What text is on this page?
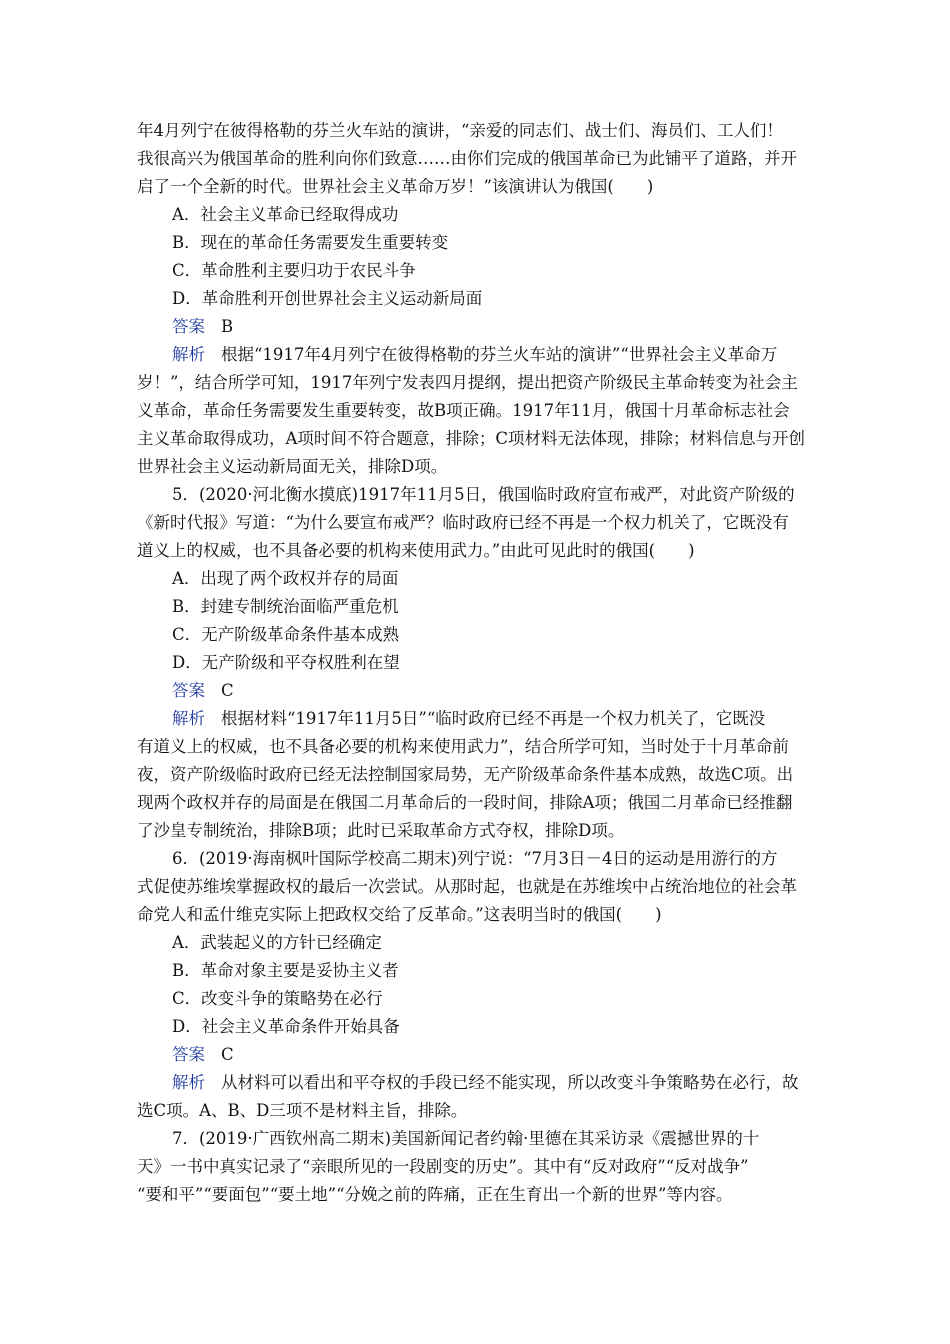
年4月列宁在彼得格勒的芬兰火车站的演讲，“亲爱的同志们、战士们、海员们、工人们！
我很高兴为俄国革命的胜利向你们致意……由你们完成的俄国革命已为此铺平了道路，并开
启了一个全新的时代。世界社会主义革命万岁！”该演讲认为俄国(　　)
A．社会主义革命已经取得成功
B．现在的革命任务需要发生重要转变
C．革命胜利主要归功于农民斗争
D．革命胜利开创世界社会主义运动新局面
答案 B
解析 根据“1917年4月列宁在彼得格勒的芬兰火车站的演讲”“世界社会主义革命万
岁！”，结合所学可知，1917年列宁发表四月提纲，提出把资产阶级民主革命转变为社会主
义革命，革命任务需要发生重要转变，故B项正确。1917年11月，俄国十月革命标志社会
主义革命取得成功，A项时间不符合题意，排除；C项材料无法体现，排除；材料信息与开创
世界社会主义运动新局面无关，排除D项。
5．(2020·河北衡水摸底)1917年11月5日，俄国临时政府宣布戒严，对此资产阶级的
《新时代报》写道：“为什么要宣布戒严？临时政府已经不再是一个权力机关了，它既没有
道义上的权威，也不具备必要的机构来使用武力。”由此可见此时的俄国(　　)
A．出现了两个政权并存的局面
B．封建专制统治面临严重危机
C．无产阶级革命条件基本成熟
D．无产阶级和平夺权胜利在望
答案 C
解析 根据材料“1917年11月5日”“临时政府已经不再是一个权力机关了，它既没
有道义上的权威，也不具备必要的机构来使用武力”，结合所学可知，当时处于十月革命前
夜，资产阶级临时政府已经无法控制国家局势，无产阶级革命条件基本成熟，故选C项。出
现两个政权并存的局面是在俄国二月革命后的一段时间，排除A项；俄国二月革命已经推翻
了沙皇专制统治，排除B项；此时已采取革命方式夺权，排除D项。
6．(2019·海南枫叶国际学校高二期末)列宁说：“7月3日－4日的运动是用游行的方
式促使苏维埃掌握政权的最后一次尝试。从那时起，也就是在苏维埃中占统治地位的社会革
命党人和孟什维克实际上把政权交给了反革命。”这表明当时的俄国(　　)
A．武装起义的方针已经确定
B．革命对象主要是妥协主义者
C．改变斗争的策略势在必行
D．社会主义革命条件开始具备
答案 C
解析 从材料可以看出和平夺权的手段已经不能实现，所以改变斗争策略势在必行，故
选C项。A、B、D三项不是材料主旨，排除。
7．(2019·广西钦州高二期末)美国新闻记者约翰·里德在其采访录《震撼世界的十
天》一书中真实记录了“亲眼所见的一段剧变的历史”。其中有“反对政府”“反对战争”
“要和平”“要面包”“要土地”“分娩之前的阵痛，正在生育出一个新的世界”等内容。
